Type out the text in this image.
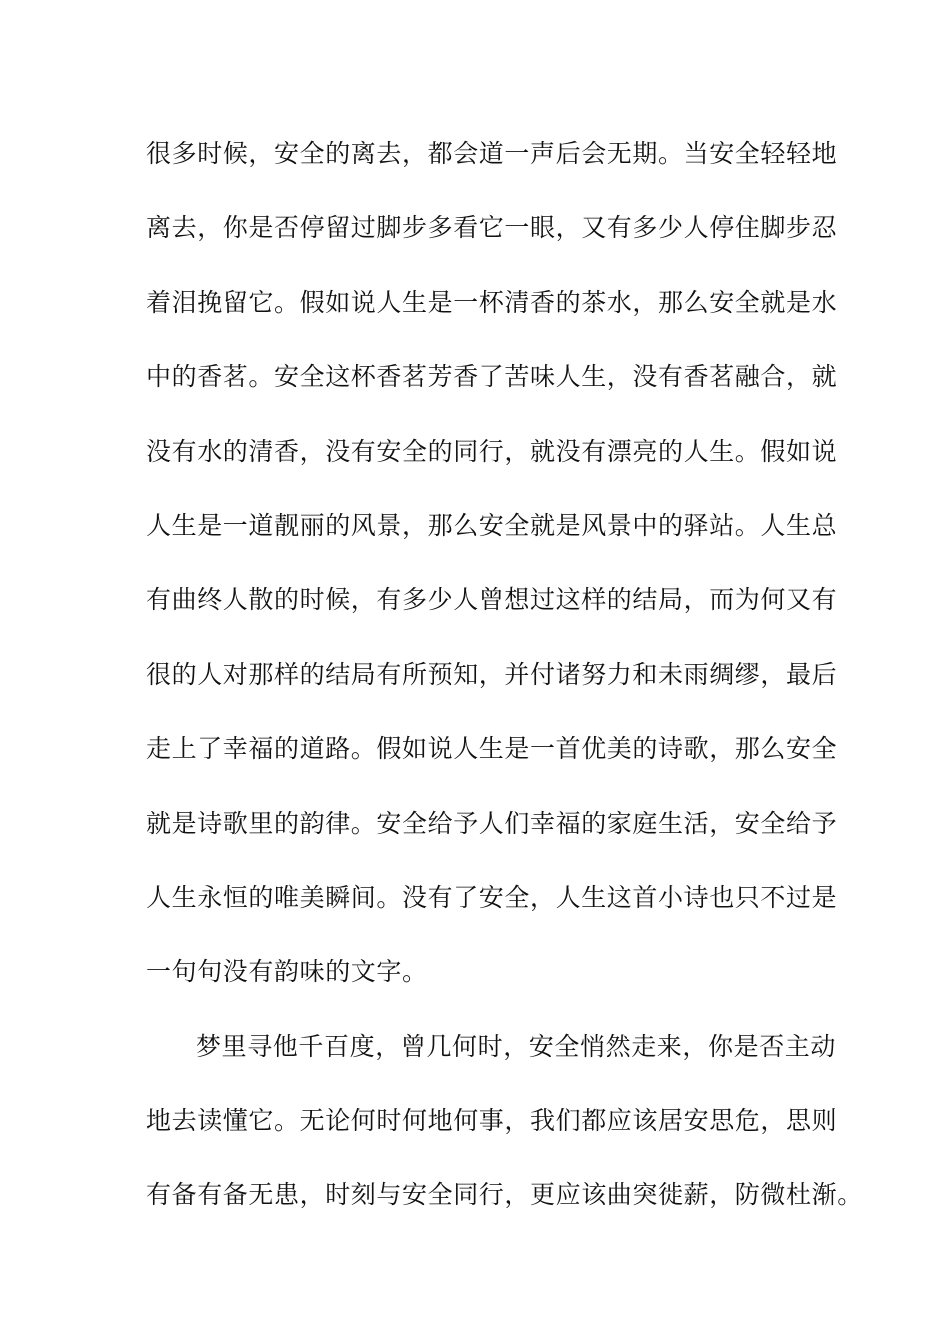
很多时候，安全的离去，都会道一声后会无期。当安全轻轻地
离去，你是否停留过脚步多看它一眼，又有多少人停住脚步忍
着泪挽留它。假如说人生是一杯清香的茶水，那么安全就是水
中的香茗。安全这杯香茗芳香了苦味人生，没有香茗融合，就
没有水的清香，没有安全的同行，就没有漂亮的人生。假如说
人生是一道靓丽的风景，那么安全就是风景中的驿站。人生总
有曲终人散的时候，有多少人曾想过这样的结局，而为何又有
很的人对那样的结局有所预知，并付诸努力和未雨绸缪，最后
走上了幸福的道路。假如说人生是一首优美的诗歌，那么安全
就是诗歌里的韵律。安全给予人们幸福的家庭生活，安全给予
人生永恒的唯美瞬间。没有了安全，人生这首小诗也只不过是
一句句没有韵味的文字。
梦里寻他千百度，曾几何时，安全悄然走来，你是否主动
地去读懂它。无论何时何地何事，我们都应该居安思危，思则
有备有备无患，时刻与安全同行，更应该曲突徙薪，防微杜渐。
